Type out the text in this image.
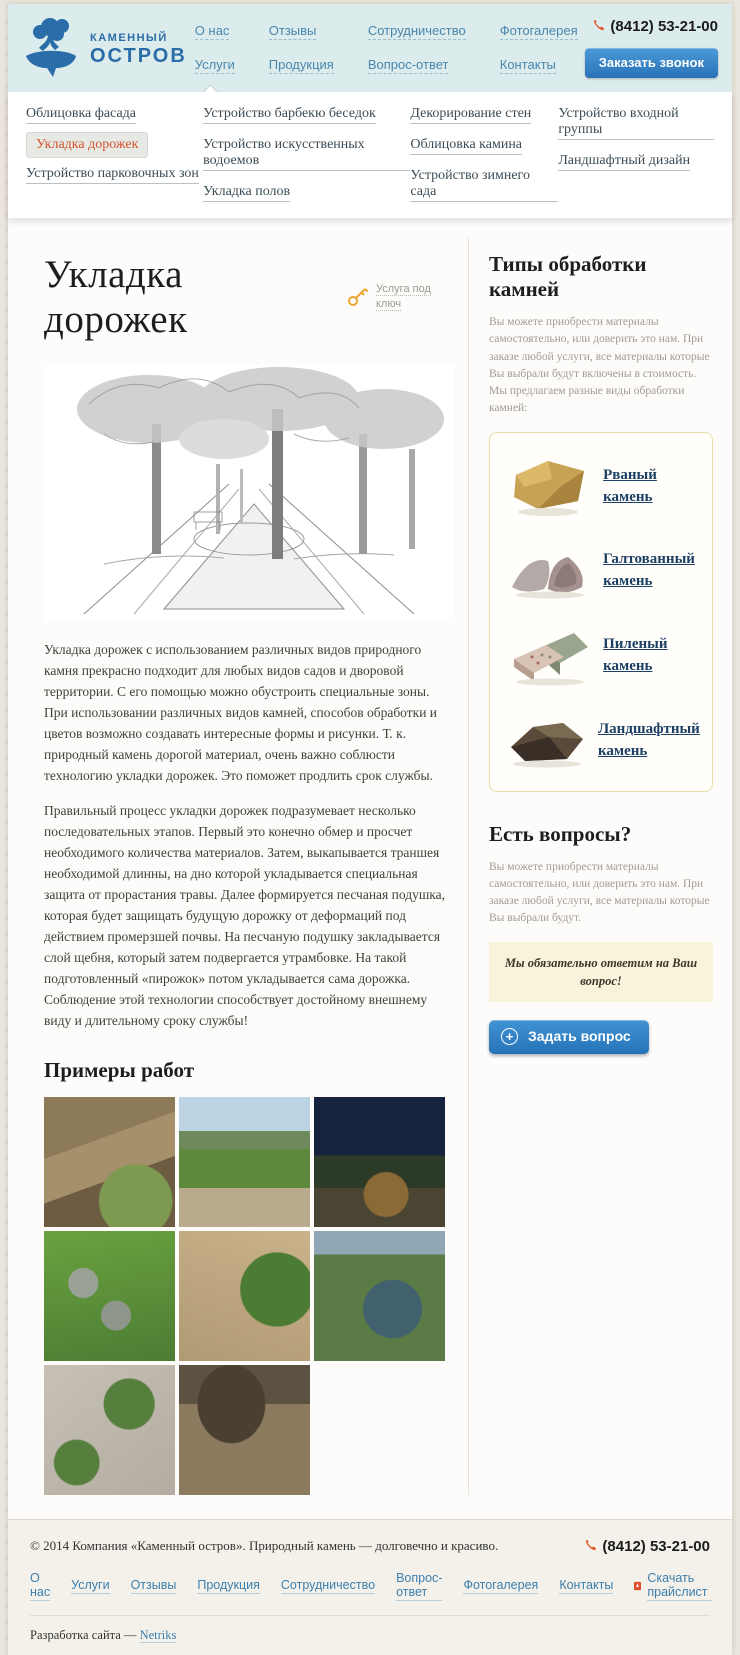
КАМЕННЫЙ
ОСТРОВ
О нас
Услуги
Отзывы
Продукция
Сотрудничество
Вопрос-ответ
Фотогалерея
Контакты
(8412) 53-21-00

Заказать звонок
Облицовка фасада
Укладка дорожек
Устройство парковочных зон
Устройство барбекю беседок
Устройство искусственных водоемов
Укладка полов
Декорирование стен
Облицовка камина
Устройство зимнего сада
Устройство входной группы
Ландшафтный дизайн
Укладка дорожек
Услуга под ключ

Укладка дорожек с использованием различных видов природного камня прекрасно подходит для любых видов садов и дворовой территории. С его помощью можно обустроить специальные зоны. При использовании различных видов камней, способов обработки и цветов возможно создавать интересные формы и рисунки. Т. к. природный камень дорогой материал, очень важно соблюсти технологию укладки дорожек. Это поможет продлить срок службы.

Правильный процесс укладки дорожек подразумевает несколько последовательных этапов. Первый это конечно обмер и просчет необходимого количества материалов. Затем, выкапывается траншея необходимой длинны, на дно которой укладывается специальная защита от прорастания травы. Далее формируется песчаная подушка, которая будет защищать будущую дорожку от деформаций под действием промерзшей почвы. На песчаную подушку закладывается слой щебня, который затем подвергается утрамбовке. На такой подготовленный «пирожок» потом укладывается сама дорожка. Соблюдение этой технологии способствует достойному внешнему виду и длительному сроку службы!

Примеры работ
Типы обработки камней
Вы можете приобрести материалы самостоятельно, или доверить это нам. При заказе любой услуги, все материалы которые Вы выбрали будут включены в стоимость. Мы предлагаем разные виды обработки камней:
Рваный камень
Галтованный камень
Пиленый камень
Ландшафтный камень
Есть вопросы?
Вы можете приобрести материалы самостоятельно, или доверить это нам. При заказе любой услуги, все материалы которые Вы выбрали будут.
Мы обязательно ответим на Ваш вопрос!
+	Задать вопрос
© 2014 Компания «Каменный остров». Природный камень — долговечно и красиво.	(8412) 53-21-00
О нас Услуги Отзывы Продукция Сотрудничество Вопрос-ответ	Фотогалерея Контакты	Скачать прайслист
Разработка сайта — Netriks
